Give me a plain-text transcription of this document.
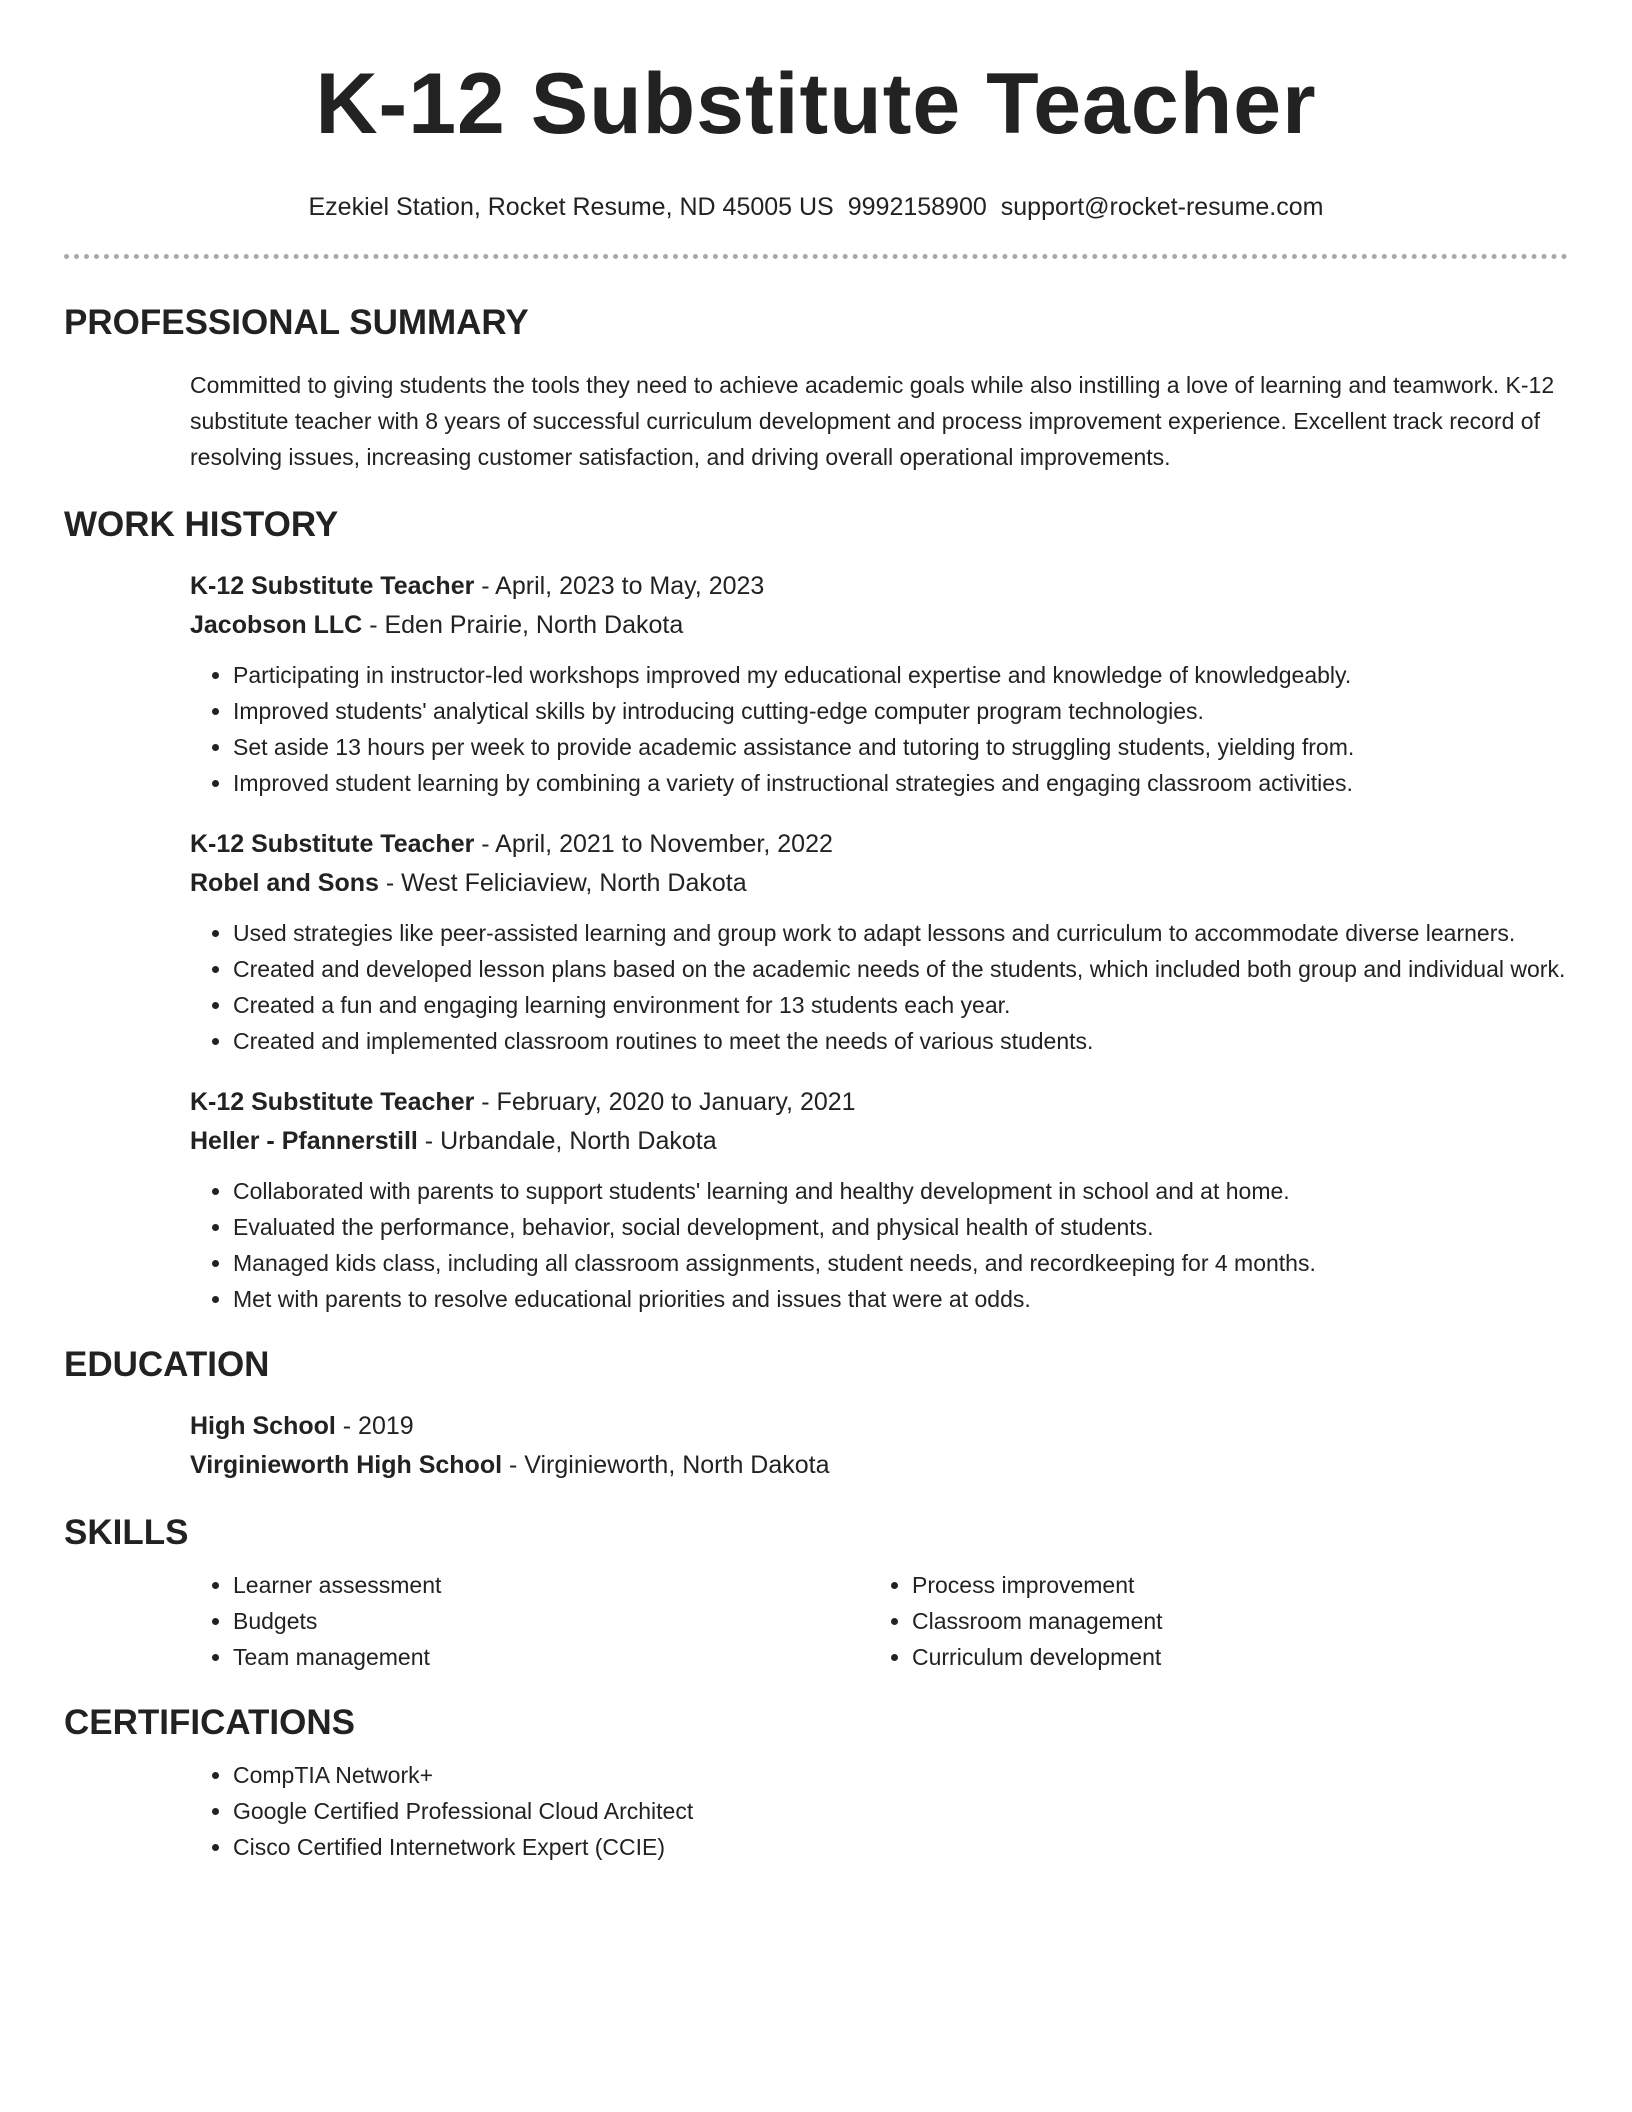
K-12 Substitute Teacher
Ezekiel Station, Rocket Resume, ND 45005 US 9992158900 support@rocket-resume.com
PROFESSIONAL SUMMARY

Committed to giving students the tools they need to achieve academic goals while also instilling a love of learning and teamwork. K-12 substitute teacher with 8 years of successful curriculum development and process improvement experience. Excellent track record of resolving issues, increasing customer satisfaction, and driving overall operational improvements.

WORK HISTORY
K-12 Substitute Teacher - April, 2023 to May, 2023
Jacobson LLC - Eden Prairie, North Dakota
• Participating in instructor-led workshops improved my educational expertise and knowledge of knowledgeably.
• Improved students' analytical skills by introducing cutting-edge computer program technologies.
• Set aside 13 hours per week to provide academic assistance and tutoring to struggling students, yielding from.
• Improved student learning by combining a variety of instructional strategies and engaging classroom activities.
K-12 Substitute Teacher - April, 2021 to November, 2022
Robel and Sons - West Feliciaview, North Dakota
• Used strategies like peer-assisted learning and group work to adapt lessons and curriculum to accommodate diverse learners.
• Created and developed lesson plans based on the academic needs of the students, which included both group and individual work.
• Created a fun and engaging learning environment for 13 students each year.
• Created and implemented classroom routines to meet the needs of various students.
K-12 Substitute Teacher - February, 2020 to January, 2021
Heller - Pfannerstill - Urbandale, North Dakota
• Collaborated with parents to support students' learning and healthy development in school and at home.
• Evaluated the performance, behavior, social development, and physical health of students.
• Managed kids class, including all classroom assignments, student needs, and recordkeeping for 4 months.
• Met with parents to resolve educational priorities and issues that were at odds.
EDUCATION
High School - 2019
Virginieworth High School - Virginieworth, North Dakota
SKILLS
• Learner assessment
• Budgets
• Team management
• Process improvement
• Classroom management
• Curriculum development
CERTIFICATIONS
• CompTIA Network+
• Google Certified Professional Cloud Architect
• Cisco Certified Internetwork Expert (CCIE)
